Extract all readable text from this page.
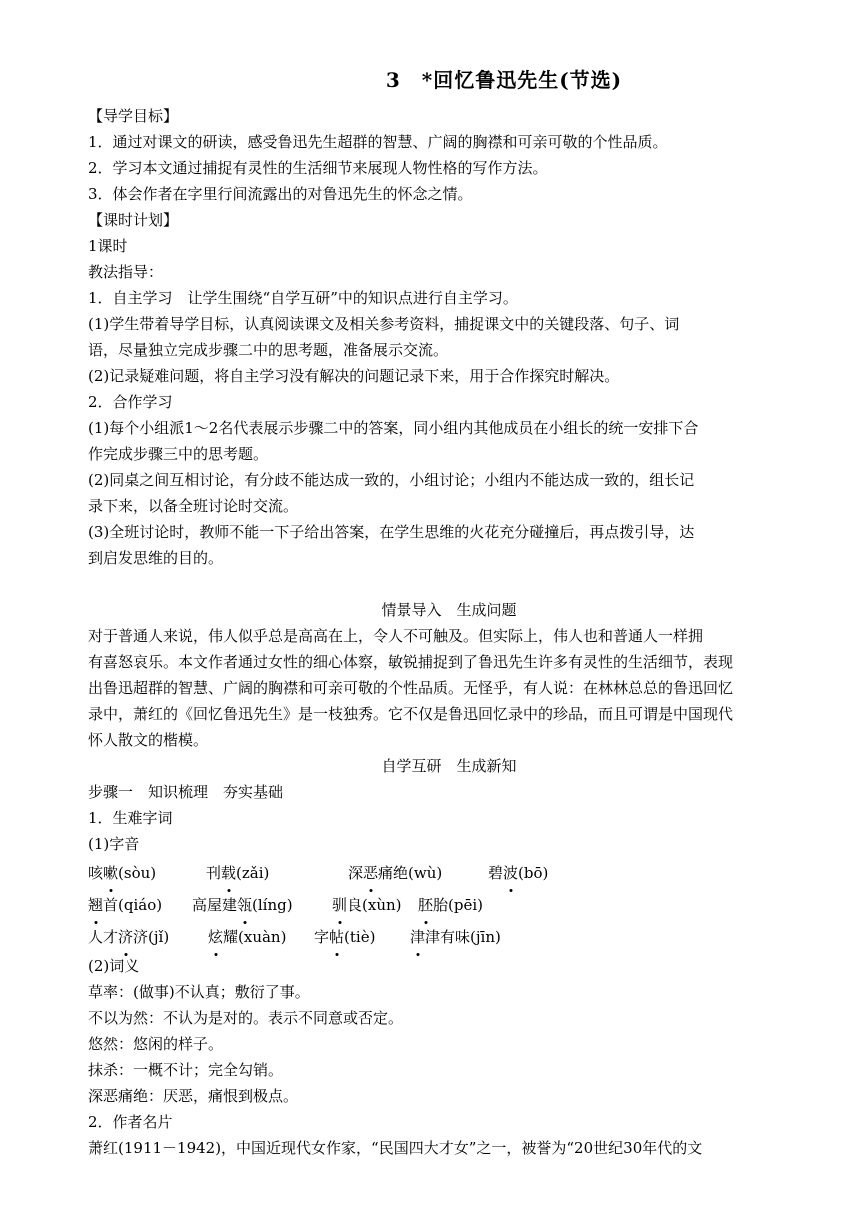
3　*回忆鲁迅先生(节选)
【导学目标】
1．通过对课文的研读，感受鲁迅先生超群的智慧、广阔的胸襟和可亲可敬的个性品质。
2．学习本文通过捕捉有灵性的生活细节来展现人物性格的写作方法。
3．体会作者在字里行间流露出的对鲁迅先生的怀念之情。
【课时计划】
1课时
教法指导：
1．自主学习　让学生围绕“自学互研”中的知识点进行自主学习。
(1)学生带着导学目标，认真阅读课文及相关参考资料，捕捉课文中的关键段落、句子、词
语，尽量独立完成步骤二中的思考题，准备展示交流。
(2)记录疑难问题，将自主学习没有解决的问题记录下来，用于合作探究时解决。
2．合作学习
(1)每个小组派1～2名代表展示步骤二中的答案，同小组内其他成员在小组长的统一安排下合
作完成步骤三中的思考题。
(2)同桌之间互相讨论，有分歧不能达成一致的，小组讨论；小组内不能达成一致的，组长记
录下来，以备全班讨论时交流。
(3)全班讨论时，教师不能一下子给出答案，在学生思维的火花充分碰撞后，再点拨引导，达
到启发思维的目的。
情景导入　生成问题
对于普通人来说，伟人似乎总是高高在上，令人不可触及。但实际上，伟人也和普通人一样拥
有喜怒哀乐。本文作者通过女性的细心体察，敏锐捕捉到了鲁迅先生许多有灵性的生活细节，表现
出鲁迅超群的智慧、广阔的胸襟和可亲可敬的个性品质。无怪乎，有人说：在林林总总的鲁迅回忆
录中，萧红的《回忆鲁迅先生》是一枝独秀。它不仅是鲁迅回忆录中的珍品，而且可谓是中国现代
怀人散文的楷模。
自学互研　生成新知
步骤一　知识梳理　夯实基础
1．生难字词
(1)字音
咳嗽(sòu)	刊载(zǎi)	深恶痛绝(wù)	碧波(bō)
翘首(qiáo)	高屋建瓴(líng)	驯良(xùn)	胚胎(pēi)
人才济济(jǐ)	炫耀(xuàn)	字帖(tiè)	津津有味(jīn)
(2)词义
草率：(做事)不认真；敷衍了事。
不以为然：不认为是对的。表示不同意或否定。
悠然：悠闲的样子。
抹杀：一概不计；完全勾销。
深恶痛绝：厌恶，痛恨到极点。
2．作者名片
萧红(1911－1942)，中国近现代女作家，“民国四大才女”之一，被誉为“20世纪30年代的文
